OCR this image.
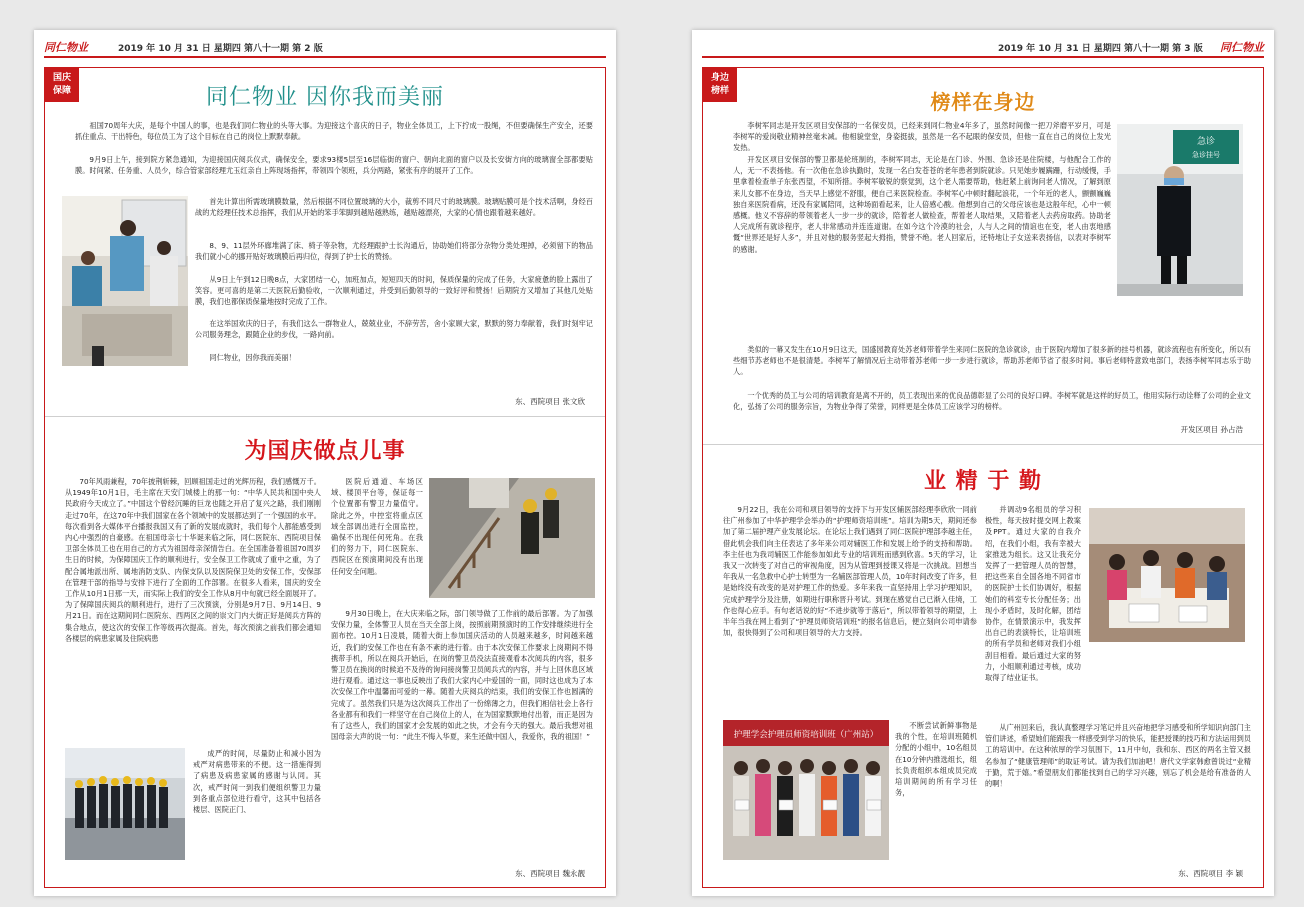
同仁物业	2019 年 10 月 31 日 星期四 第八十一期 第 2 版
国庆
保障	同仁物业 因你我而美丽
祖国70周年大庆，是每个中国人的事，也是我们同仁物业的头等大事。为迎接这个喜庆的日子，物业全体员工，上下拧成一股绳，不但要确保生产安全，还要抓住重点、干出特色，每位员工为了这个目标在自己的岗位上默默奉献。
9月9日上午，接到院方紧急通知，为迎接国庆阅兵仪式，确保安全，要求93楼5层至16层临街的窗户、朝向北面的窗户以及长安街方向的玻璃窗全部都要贴膜。时间紧、任务重、人员少，综合管家部经理尤玉红亲自上阵现场指挥，带领四个领班，兵分两路，紧张有序的展开了工作。
首先计算出所需玻璃膜数量，然后根据不同位置玻璃的大小，裁剪不同尺寸的玻璃膜。玻璃贴膜可是个技术活啊，身经百战的尤经理任技术总指挥，我们从开始的笨手笨脚到越贴越熟练，越贴越漂亮，大家的心情也跟着越来越好。
8、9、11层外环廊堆满了床、椅子等杂物，尤经理跟护士长沟通后，协助她们将部分杂物分类处理掉，必须留下的物品我们就小心的挪开贴好玻璃膜后再归位，得到了护士长的赞扬。
从9日上午到12日晚8点，大家团结一心，加班加点，短短四天的时间，保质保量的完成了任务，大家疲惫的脸上露出了笑容。更可喜的是第二天医院后勤验收，一次顺利通过，并受到后勤领导的一致好评和赞扬！后期院方又增加了其他几处贴膜，我们也都保质保量地按时完成了工作。
在这举国欢庆的日子，有我们这么一群物业人，兢兢业业，不辞劳苦，舍小家顾大家，默默的努力奉献着，我们时刻牢记公司服务理念，跟随企业的步伐，一路向前。
同仁物业，因你我而美丽！
东、西院项目 张文欣
为国庆做点儿事
70年风雨兼程，70年披荆斩棘，回顾祖国走过的光辉历程，我们感慨万千。从1949年10月1日，毛主席在天安门城楼上的那一句：“中华人民共和国中央人民政府今天成立了。”中国这个曾经沉睡的巨龙也随之开启了复兴之路，我们刚刚走过70年，在这70年中我们国家在各个领域中的发展都达到了一个强国的水平。每次看到各大媒体平台播报我国又有了新的发展成就时，我们每个人都能感受到内心中强烈的自豪感。在祖国母亲七十华诞来临之际，同仁医院东、西院项目保卫部全体员工也在用自己的方式为祖国母亲深情告白。在全国准备着祖国70周岁生日的时候，为保障国庆工作的顺利进行，安全保卫工作就成了重中之重，为了配合属地派出所、属地消防支队、内保支队以及医院保卫处的安保工作，安保部在管理干部的指导与安排下进行了全面的工作部署。在很多人看来，国庆的安全工作从10月1日那一天，而实际上我们的安全工作从8月中旬就已经全面展开了。为了保障国庆阅兵的顺利进行，进行了三次预演，分别是9月7日、9月14日、9月21日。而在这期间同仁医院东、西两区之间的崇文门内大街正好是阅兵方阵的集合地点，使这次的安保工作等级再次提高。首先，每次预演之前我们都会通知各楼层的病患家属及住院病患
成严的时间，尽量防止和减小因为戒严对病患带来的不便。这一措施得到了病患及病患家属的感谢与认同。其次，戒严时间一到我们便组织警卫力量到各重点部位进行看守，这其中包括各楼层、医院正门、
医院后通道、车场区域、楼顶平台等，保证每一个位置都有警卫力量值守。除此之外，中控室将重点区域全部调出进行全面监控，确保不出现任何死角。在我们的努力下，同仁医院东、西院区在预演期间没有出现任何安全问题。
9月30日晚上，在大庆来临之际，部门领导做了工作前的最后部署。为了加强安保力量，全体警卫人员在当天全部上岗，按照前期预演时的工作安排继续进行全面布控。10月1日凌晨，随着大街上参加国庆活动的人员越来越多，时间越来越近，我们的安保工作也在有条不紊的进行着。由于本次安保工作要求上岗期间不得携带手机，所以在阅兵开始后，在岗的警卫员没法直接观看本次阅兵的内容，很多警卫员在换岗的时候迫不及待的询问接岗警卫员阅兵式的内容，并与上回休息区域进行观看。通过这一事也反映出了我们大家内心中爱国的一面，同时这也成为了本次安保工作中温馨而可爱的一幕。随着大庆阅兵的结束，我们的安保工作也圆满的完成了。虽然我们只是为这次阅兵工作出了一份绵薄之力，但我们相信社会上各行各业都有和我们一样坚守在自己岗位上的人，在为国家默默地付出着，而正是因为有了这些人，我们的国家才会发展的如此之快，才会有今天的强大。最后我想对祖国母亲大声的说一句：“此生不悔入华夏，来生还做中国人，我爱你，我的祖国！”
东、西院项目 魏永靓
2019 年 10 月 31 日 星期四 第八十一期 第 3 版 同仁物业
身边
榜样	榜样在身边
李树军同志是开发区项目安保部的一名保安员，已经来到同仁物业4年多了，虽然时间像一把刀斧磨平岁月，可是李树军的爱岗敬业精神丝毫未减。他相貌堂堂，身姿挺拔，虽然是一名不起眼的保安员，但他一直在自己的岗位上发光发热。
开发区项目安保部的警卫都是轮班制的，李树军同志，无论是在门诊、外围、急诊还是住院楼，与他配合工作的人，无一不表扬他。有一次他在急诊执勤时，发现一名白发苍苍的老年患者到院就诊。只见她步履蹒跚，行动缓慢，手里拿着检查单子东张西望，不知所措。李树军敏锐的察觉到，这个老人需要帮助，他赶紧上前询问老人情况，了解到原来儿女都不在身边，当天早上感觉不舒服，便自己来医院检查。李树军心中顿时翻起浪花，一个年近的老人，颤颤巍巍独自来医院看病，还没有家属陪同，这种场面看起来，让人倍感心酸。他想到自己的父母应该也是这般年纪，心中一顿感概。他义不容辞的带领着老人一步一步的就诊，陪着老人做检查，帮着老人取结果，又陪着老人去药房取药。协助老人完成所有就诊程序，老人非常感动并连连道谢。在如今这个冷漠的社会，人与人之间的情谊也在变，老人由衷地感慨“世界还是好人多”，并且对他的服务竖起大拇指，赞誉不绝。老人回家后，还特地让子女送来表扬信，以表对李树军的感谢。
急诊
急诊挂号
类似的一幕又发生在10月9日这天，国盛园教育处苏老师带着学生来同仁医院的急诊就诊，由于医院内增加了很多新的挂号机器，就诊流程也有所变化，所以有些细节苏老师也不是很清楚。李树军了解情况后主动带着苏老师一步一步进行就诊，帮助苏老师节省了很多时间。事后老师特意致电部门，表扬李树军同志乐于助人。
一个优秀的员工与公司的培训教育是离不开的，员工表现出来的优良品德彰显了公司的良好口碑。李树军就是这样的好员工，他用实际行动诠释了公司的企业文化，弘扬了公司的服务宗旨，为物业争得了荣誉，同样更是全体员工应该学习的榜样。
开发区项目 孙占浩
业 精 于 勤
9月22日，我在公司和项目领导的支持下与开发区辅医部经理李欣欣一同前往广州参加了中华护理学会举办的“护理师资培训班”。培训为期5天，期间还参加了第二届护理产业发展论坛。在论坛上我们遇到了同仁医院护理部李越主任，借此机会我们向主任表达了多年来公司对辅医工作和发展上给予的支持和帮助。李主任也为我司辅医工作能参加如此专业的培训班而感到欣喜。5天的学习，让我又一次转变了对自己的审视角度，因为从管理到授课又将是一次挑战。回想当年我从一名急救中心护士转型为一名辅医部管理人员，10年时间改变了许多，但是始终没有改变的是对护理工作的热爱。多年来我一直坚持用上学习护理知识，完成护理学分及注册，如期进行职称晋升考试。到现在感觉自己已渐入佳境，工作也得心应手。有句老话说的好“不进步就等于落后”，所以带着领导的期望，上半年当我在网上看到了“护理员师资培训班”的报名信息后，便立刻向公司申请参加，很快得到了公司和项目领导的大力支持。
护理学会护理员师资培训班（广州站）
不断尝试新鲜事物是我的个性，在培训班随机分配的小组中，10名组员在10分钟内推选组长，组长负责组织本组成员完成培训期间的所有学习任务，
并调动9名组员的学习积极性，每天按时提交网上教案及PPT。通过大家的自我介绍，在我们小组，我有幸被大家推选为组长。这又让我充分发挥了一把管理人员的智慧，把这些来自全国各地不同省市的医院护士长们协调好，根据她们的科室专长分配任务；出现小矛盾时，及时化解，团结协作，在情景演示中，我发挥出自己的表演特长，让培训班的所有学员和老师对我们小组刮目相看。最后通过大家的努力，小组顺利通过考核，成功取得了结业证书。
从广州回来后，我认真整理学习笔记并且兴奋地把学习感受和所学知识向部门主管们讲述，希望她们能跟我一样感受到学习的快乐，能把授课的技巧和方法运用到员工的培训中。在这种浓厚的学习氛围下，11月中旬，我和东、西区的两名主管又报名参加了“健康管理师”的取证考试。请为我们加油吧！唐代文学家韩愈曾说过“业精于勤，荒于嬉。”希望朋友们都能找到自己的学习兴趣，别忘了机会是给有准备的人的啊！
东、西院项目 李 颖
